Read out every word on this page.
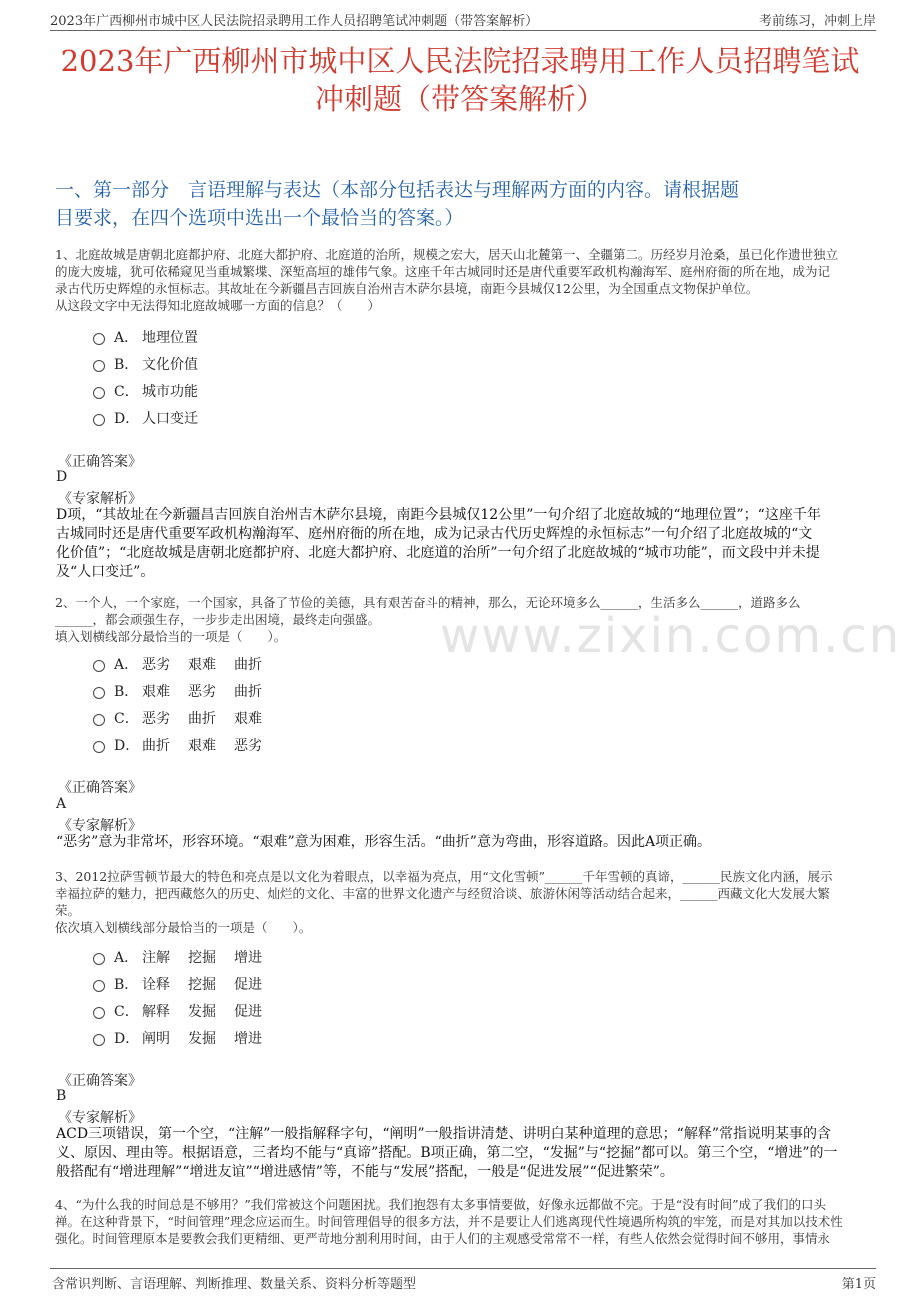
2023年广西柳州市城中区人民法院招录聘用工作人员招聘笔试冲刺题（带答案解析）	考前练习，冲刺上岸
2023年广西柳州市城中区人民法院招录聘用工作人员招聘笔试
冲刺题（带答案解析）
一、第一部分　言语理解与表达（本部分包括表达与理解两方面的内容。请根据题
目要求，在四个选项中选出一个最恰当的答案。）
www.zixin.com.cn

1、北庭故城是唐朝北庭都护府、北庭大都护府、北庭道的治所，规模之宏大，居天山北麓第一、全疆第二。历经岁月沧桑，虽已化作遗世独立

的庞大废墟，犹可依稀窥见当重城繁堞、深堑高垣的雄伟气象。这座千年古城同时还是唐代重要军政机构瀚海军、庭州府衙的所在地，成为记

录古代历史辉煌的永恒标志。其故址在今新疆昌吉回族自治州吉木萨尔县境，南距今县城仅12公里，为全国重点文物保护单位。

从这段文字中无法得知北庭故城哪一方面的信息？（　　）

A． 地理位置
B． 文化价值
C． 城市功能
D． 人口变迁
《正确答案》
D
《专家解析》
D项，“其故址在今新疆昌吉回族自治州吉木萨尔县境，南距今县城仅12公里”一句介绍了北庭故城的“地理位置”；“这座千年
古城同时还是唐代重要军政机构瀚海军、庭州府衙的所在地，成为记录古代历史辉煌的永恒标志”一句介绍了北庭故城的“文
化价值”；“北庭故城是唐朝北庭都护府、北庭大都护府、北庭道的治所”一句介绍了北庭故城的“城市功能”，而文段中并未提
及“人口变迁”。

2、一个人，一个家庭，一个国家，具备了节俭的美德，具有艰苦奋斗的精神，那么，无论环境多么______，生活多么______，道路多么

______，都会顽强生存，一步步走出困境，最终走向强盛。

填入划横线部分最恰当的一项是（　　）。

A． 恶劣 艰难 曲折
B． 艰难 恶劣 曲折
C． 恶劣 曲折 艰难
D． 曲折 艰难 恶劣
《正确答案》
A
《专家解析》
“恶劣”意为非常坏，形容环境。“艰难”意为困难，形容生活。“曲折”意为弯曲，形容道路。因此A项正确。

3、2012拉萨雪顿节最大的特色和亮点是以文化为着眼点，以幸福为亮点，用“文化雪顿”______千年雪顿的真谛，______民族文化内涵，展示

幸福拉萨的魅力，把西藏悠久的历史、灿烂的文化、丰富的世界文化遗产与经贸洽谈、旅游休闲等活动结合起来，______西藏文化大发展大繁

荣。

依次填入划横线部分最恰当的一项是（　　）。

A． 注解 挖掘 增进
B． 诠释 挖掘 促进
C． 解释 发掘 促进
D． 阐明 发掘 增进
《正确答案》
B
《专家解析》
ACD三项错误，第一个空，“注解”一般指解释字句，“阐明”一般指讲清楚、讲明白某种道理的意思；“解释”常指说明某事的含
义、原因、理由等。根据语意，三者均不能与“真谛”搭配。B项正确，第二空，“发掘”与“挖掘”都可以。第三个空，“增进”的一
般搭配有“增进理解”“增进友谊”“增进感情”等，不能与“发展”搭配，一般是“促进发展”“促进繁荣”。

4、“为什么我的时间总是不够用？”我们常被这个问题困扰。我们抱怨有太多事情要做，好像永远都做不完。于是“没有时间”成了我们的口头

禅。在这种背景下，“时间管理”理念应运而生。时间管理倡导的很多方法，并不是要让人们逃离现代性境遇所构筑的牢笼，而是对其加以技术性

强化。时间管理原本是要教会我们更精细、更严苛地分割利用时间，由于人们的主观感受常常不一样，有些人依然会觉得时间不够用，事情永

含常识判断、言语理解、判断推理、数量关系、资料分析等题型	第1页
